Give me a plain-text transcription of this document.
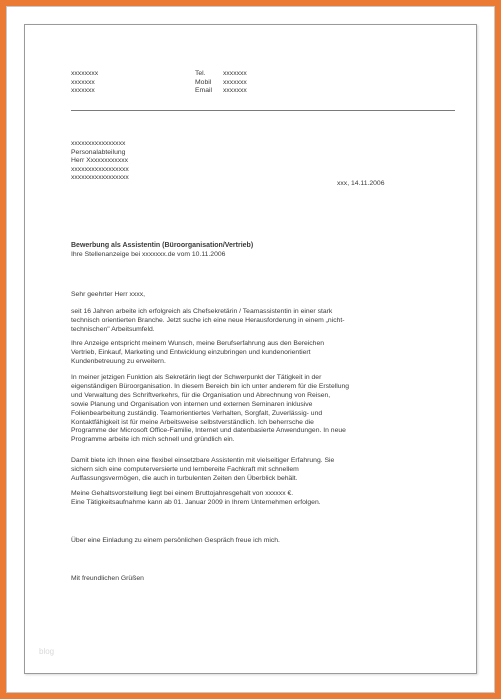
xxxxxxxx
xxxxxxx
xxxxxxx
Tel.
Mobil
Email
xxxxxxx
xxxxxxx
xxxxxxx
xxxxxxxxxxxxxxxx
Personalabteilung
Herr Xxxxxxxxxxxx
xxxxxxxxxxxxxxxxx
xxxxxxxxxxxxxxxxx
xxx, 14.11.2006
Bewerbung als Assistentin (Büroorganisation/Vertrieb)
Ihre Stellenanzeige bei xxxxxxx.de vom 10.11.2006
Sehr geehrter Herr xxxx,
seit 16 Jahren arbeite ich erfolgreich als Chefsekretärin / Teamassistentin in einer stark
technisch orientierten Branche. Jetzt suche ich eine neue Herausforderung in einem „nicht-
technischen" Arbeitsumfeld.
Ihre Anzeige entspricht meinem Wunsch, meine Berufserfahrung aus den Bereichen
Vertrieb, Einkauf, Marketing und Entwicklung einzubringen und kundenorientiert
Kundenbetreuung zu erweitern.
In meiner jetzigen Funktion als Sekretärin liegt der Schwerpunkt der Tätigkeit in der
eigenständigen Büroorganisation. In diesem Bereich bin ich unter anderem für die Erstellung
und Verwaltung des Schriftverkehrs, für die Organisation und Abrechnung von Reisen,
sowie Planung und Organisation von internen und externen Seminaren inklusive
Folienbearbeitung zuständig. Teamorientiertes Verhalten, Sorgfalt, Zuverlässig- und
Kontaktfähigkeit ist für meine Arbeitsweise selbstverständlich. Ich beherrsche die
Programme der Microsoft Office-Familie, Internet und datenbasierte Anwendungen. In neue
Programme arbeite ich mich schnell und gründlich ein.
Damit biete ich Ihnen eine flexibel einsetzbare Assistentin mit vielseitiger Erfahrung. Sie
sichern sich eine computerversierte und lernbereite Fachkraft mit schnellem
Auffassungsvermögen, die auch in turbulenten Zeiten den Überblick behält.
Meine Gehaltsvorstellung liegt bei einem Bruttojahresgehalt von xxxxxx €.
Eine Tätigkeitsaufnahme kann ab 01. Januar 2009 in Ihrem Unternehmen erfolgen.
Über eine Einladung zu einem persönlichen Gespräch freue ich mich.
Mit freundlichen Grüßen
blog
